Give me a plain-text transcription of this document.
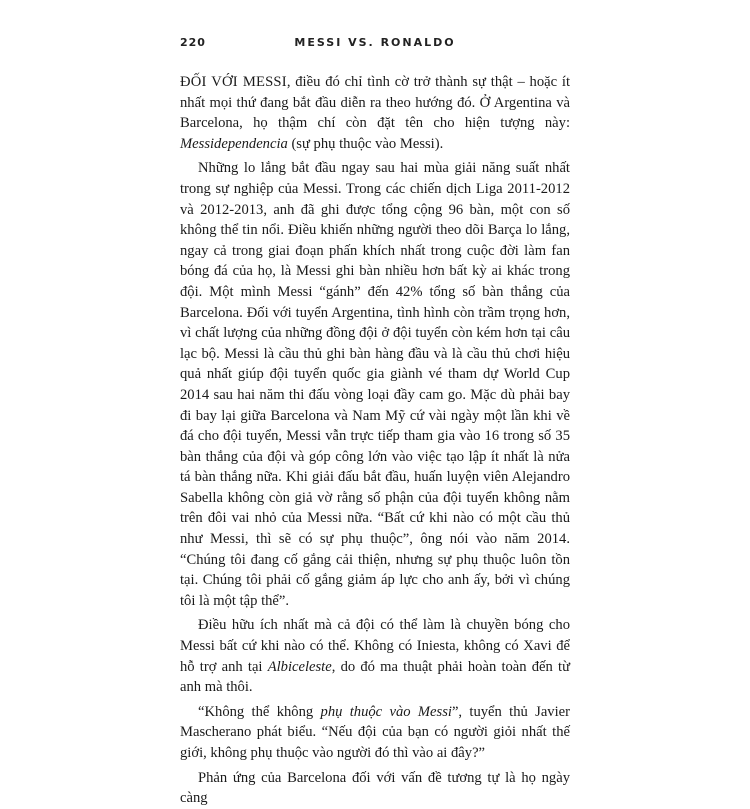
220	MESSI VS. RONALDO

ĐỐI VỚI MESSI, điều đó chỉ tình cờ trở thành sự thật – hoặc ít nhất mọi thứ đang bắt đầu diễn ra theo hướng đó. Ở Argentina và Barcelona, họ thậm chí còn đặt tên cho hiện tượng này: Messidependencia (sự phụ thuộc vào Messi).

Những lo lắng bắt đầu ngay sau hai mùa giải năng suất nhất trong sự nghiệp của Messi. Trong các chiến dịch Liga 2011-2012 và 2012-2013, anh đã ghi được tổng cộng 96 bàn, một con số không thể tin nổi. Điều khiến những người theo dõi Barça lo lắng, ngay cả trong giai đoạn phấn khích nhất trong cuộc đời làm fan bóng đá của họ, là Messi ghi bàn nhiều hơn bất kỳ ai khác trong đội. Một mình Messi “gánh” đến 42% tổng số bàn thắng của Barcelona. Đối với tuyển Argentina, tình hình còn trầm trọng hơn, vì chất lượng của những đồng đội ở đội tuyển còn kém hơn tại câu lạc bộ. Messi là cầu thủ ghi bàn hàng đầu và là cầu thủ chơi hiệu quả nhất giúp đội tuyển quốc gia giành vé tham dự World Cup 2014 sau hai năm thi đấu vòng loại đầy cam go. Mặc dù phải bay đi bay lại giữa Barcelona và Nam Mỹ cứ vài ngày một lần khi về đá cho đội tuyển, Messi vẫn trực tiếp tham gia vào 16 trong số 35 bàn thắng của đội và góp công lớn vào việc tạo lập ít nhất là nửa tá bàn thắng nữa. Khi giải đấu bắt đầu, huấn luyện viên Alejandro Sabella không còn giả vờ rằng số phận của đội tuyển không nằm trên đôi vai nhỏ của Messi nữa. “Bất cứ khi nào có một cầu thủ như Messi, thì sẽ có sự phụ thuộc”, ông nói vào năm 2014. “Chúng tôi đang cố gắng cải thiện, nhưng sự phụ thuộc luôn tồn tại. Chúng tôi phải cố gắng giảm áp lực cho anh ấy, bởi vì chúng tôi là một tập thể”.

Điều hữu ích nhất mà cả đội có thể làm là chuyền bóng cho Messi bất cứ khi nào có thể. Không có Iniesta, không có Xavi để hỗ trợ anh tại Albiceleste, do đó ma thuật phải hoàn toàn đến từ anh mà thôi.

“Không thể không phụ thuộc vào Messi”, tuyển thủ Javier Mascherano phát biểu. “Nếu đội của bạn có người giỏi nhất thế giới, không phụ thuộc vào người đó thì vào ai đây?”

Phản ứng của Barcelona đối với vấn đề tương tự là họ ngày càng
